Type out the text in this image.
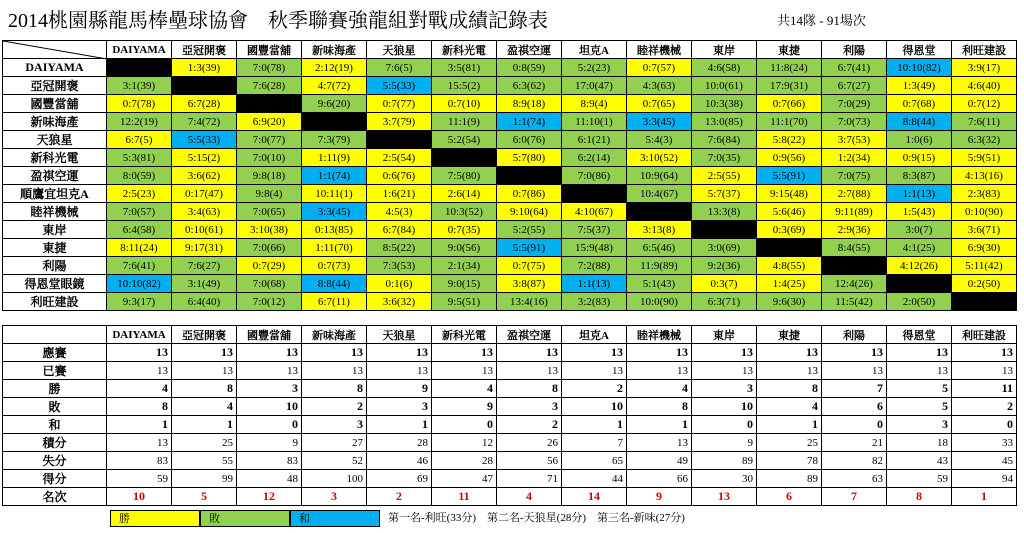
2014桃園縣龍馬棒壘球協會　秋季聯賽強龍組對戰成績記錄表	共14隊 - 91場次
	DAIYAMA	亞冠開褒	國豐當舖	新味海產	天狼星	新科光電	盈祺空運	坦克A	睦祥機械	東岸	東捷	利陽	得恩堂	利旺建設
DAIYAMA		1:3(39)	7:0(78)	2:12(19)	7:6(5)	3:5(81)	0:8(59)	5:2(23)	0:7(57)	4:6(58)	11:8(24)	6:7(41)	10:10(82)	3:9(17)
亞冠開褒	3:1(39)		7:6(28)	4:7(72)	5:5(33)	15:5(2)	6:3(62)	17:0(47)	4:3(63)	10:0(61)	17:9(31)	6:7(27)	1:3(49)	4:6(40)
國豐當舖	0:7(78)	6:7(28)		9:6(20)	0:7(77)	0:7(10)	8:9(18)	8:9(4)	0:7(65)	10:3(38)	0:7(66)	7:0(29)	0:7(68)	0:7(12)
新味海產	12:2(19)	7:4(72)	6:9(20)		3:7(79)	11:1(9)	1:1(74)	11:10(1)	3:3(45)	13:0(85)	11:1(70)	7:0(73)	8:8(44)	7:6(11)
天狼星	6:7(5)	5:5(33)	7:0(77)	7:3(79)		5:2(54)	6:0(76)	6:1(21)	5:4(3)	7:6(84)	5:8(22)	3:7(53)	1:0(6)	6:3(32)
新科光電	5:3(81)	5:15(2)	7:0(10)	1:11(9)	2:5(54)		5:7(80)	6:2(14)	3:10(52)	7:0(35)	0:9(56)	1:2(34)	0:9(15)	5:9(51)
盈祺空運	8:0(59)	3:6(62)	9:8(18)	1:1(74)	0:6(76)	7:5(80)		7:0(86)	10:9(64)	2:5(55)	5:5(91)	7:0(75)	8:3(87)	4:13(16)
順鷹宜坦克A	2:5(23)	0:17(47)	9:8(4)	10:11(1)	1:6(21)	2:6(14)	0:7(86)		10:4(67)	5:7(37)	9:15(48)	2:7(88)	1:1(13)	2:3(83)
睦祥機械	7:0(57)	3:4(63)	7:0(65)	3:3(45)	4:5(3)	10:3(52)	9:10(64)	4:10(67)		13:3(8)	5:6(46)	9:11(89)	1:5(43)	0:10(90)
東岸	6:4(58)	0:10(61)	3:10(38)	0:13(85)	6:7(84)	0:7(35)	5:2(55)	7:5(37)	3:13(8)		0:3(69)	2:9(36)	3:0(7)	3:6(71)
東捷	8:11(24)	9:17(31)	7:0(66)	1:11(70)	8:5(22)	9:0(56)	5:5(91)	15:9(48)	6:5(46)	3:0(69)		8:4(55)	4:1(25)	6:9(30)
利陽	7:6(41)	7:6(27)	0:7(29)	0:7(73)	7:3(53)	2:1(34)	0:7(75)	7:2(88)	11:9(89)	9:2(36)	4:8(55)		4:12(26)	5:11(42)
得恩堂眼鏡	10:10(82)	3:1(49)	7:0(68)	8:8(44)	0:1(6)	9:0(15)	3:8(87)	1:1(13)	5:1(43)	0:3(7)	1:4(25)	12:4(26)		0:2(50)
利旺建設	9:3(17)	6:4(40)	7:0(12)	6:7(11)	3:6(32)	9:5(51)	13:4(16)	3:2(83)	10:0(90)	6:3(71)	9:6(30)	11:5(42)	2:0(50)	
	DAIYAMA	亞冠開褒	國豐當舖	新味海產	天狼星	新科光電	盈祺空運	坦克A	睦祥機械	東岸	東捷	利陽	得恩堂	利旺建設
應賽	13	13	13	13	13	13	13	13	13	13	13	13	13	13
已賽	13	13	13	13	13	13	13	13	13	13	13	13	13	13
勝	4	8	3	8	9	4	8	2	4	3	8	7	5	11
敗	8	4	10	2	3	9	3	10	8	10	4	6	5	2
和	1	1	0	3	1	0	2	1	1	0	1	0	3	0
積分	13	25	9	27	28	12	26	7	13	9	25	21	18	33
失分	83	55	83	52	46	28	56	65	49	89	78	82	43	45
得分	59	99	48	100	69	47	71	44	66	30	89	63	59	94
名次	10	5	12	3	2	11	4	14	9	13	6	7	8	1
勝	敗	和	第一名-利旺(33分)　第二名-天狼星(28分)　第三名-新味(27分)
